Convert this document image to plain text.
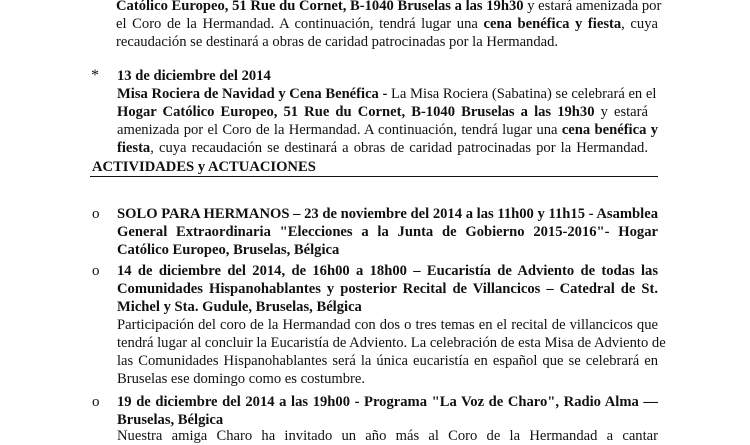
Católico Europeo, 51 Rue du Cornet, B-1040 Bruselas a las 19h30 y estará amenizada por
el Coro de la Hermandad. A continuación, tendrá lugar una cena benéfica y fiesta, cuya
recaudación se destinará a obras de caridad patrocinadas por la Hermandad.
* 13 de diciembre del 2014
Misa Rociera de Navidad y Cena Benéfica - La Misa Rociera (Sabatina) se celebrará en el
Hogar Católico Europeo, 51 Rue du Cornet, B-1040 Bruselas a las 19h30 y estará
amenizada por el Coro de la Hermandad. A continuación, tendrá lugar una cena benéfica y
fiesta, cuya recaudación se destinará a obras de caridad patrocinadas por la Hermandad.
ACTIVIDADES y ACTUACIONES
o SOLO PARA HERMANOS – 23 de noviembre del 2014 a las 11h00 y 11h15 - Asamblea
General Extraordinaria "Elecciones a la Junta de Gobierno 2015-2016"- Hogar
Católico Europeo, Bruselas, Bélgica
o 14 de diciembre del 2014, de 16h00 a 18h00 – Eucaristía de Adviento de todas las
Comunidades Hispanohablantes y posterior Recital de Villancicos – Catedral de St.
Michel y Sta. Gudule, Bruselas, Bélgica
Participación del coro de la Hermandad con dos o tres temas en el recital de villancicos que
tendrá lugar al concluir la Eucaristía de Adviento. La celebración de esta Misa de Adviento de
las Comunidades Hispanohablantes será la única eucaristía en español que se celebrará en
Bruselas ese domingo como es costumbre.
o 19 de diciembre del 2014 a las 19h00 - Programa "La Voz de Charo", Radio Alma —
Bruselas, Bélgica
Nuestra amiga Charo ha invitado un año más al Coro de la Hermandad a cantar
